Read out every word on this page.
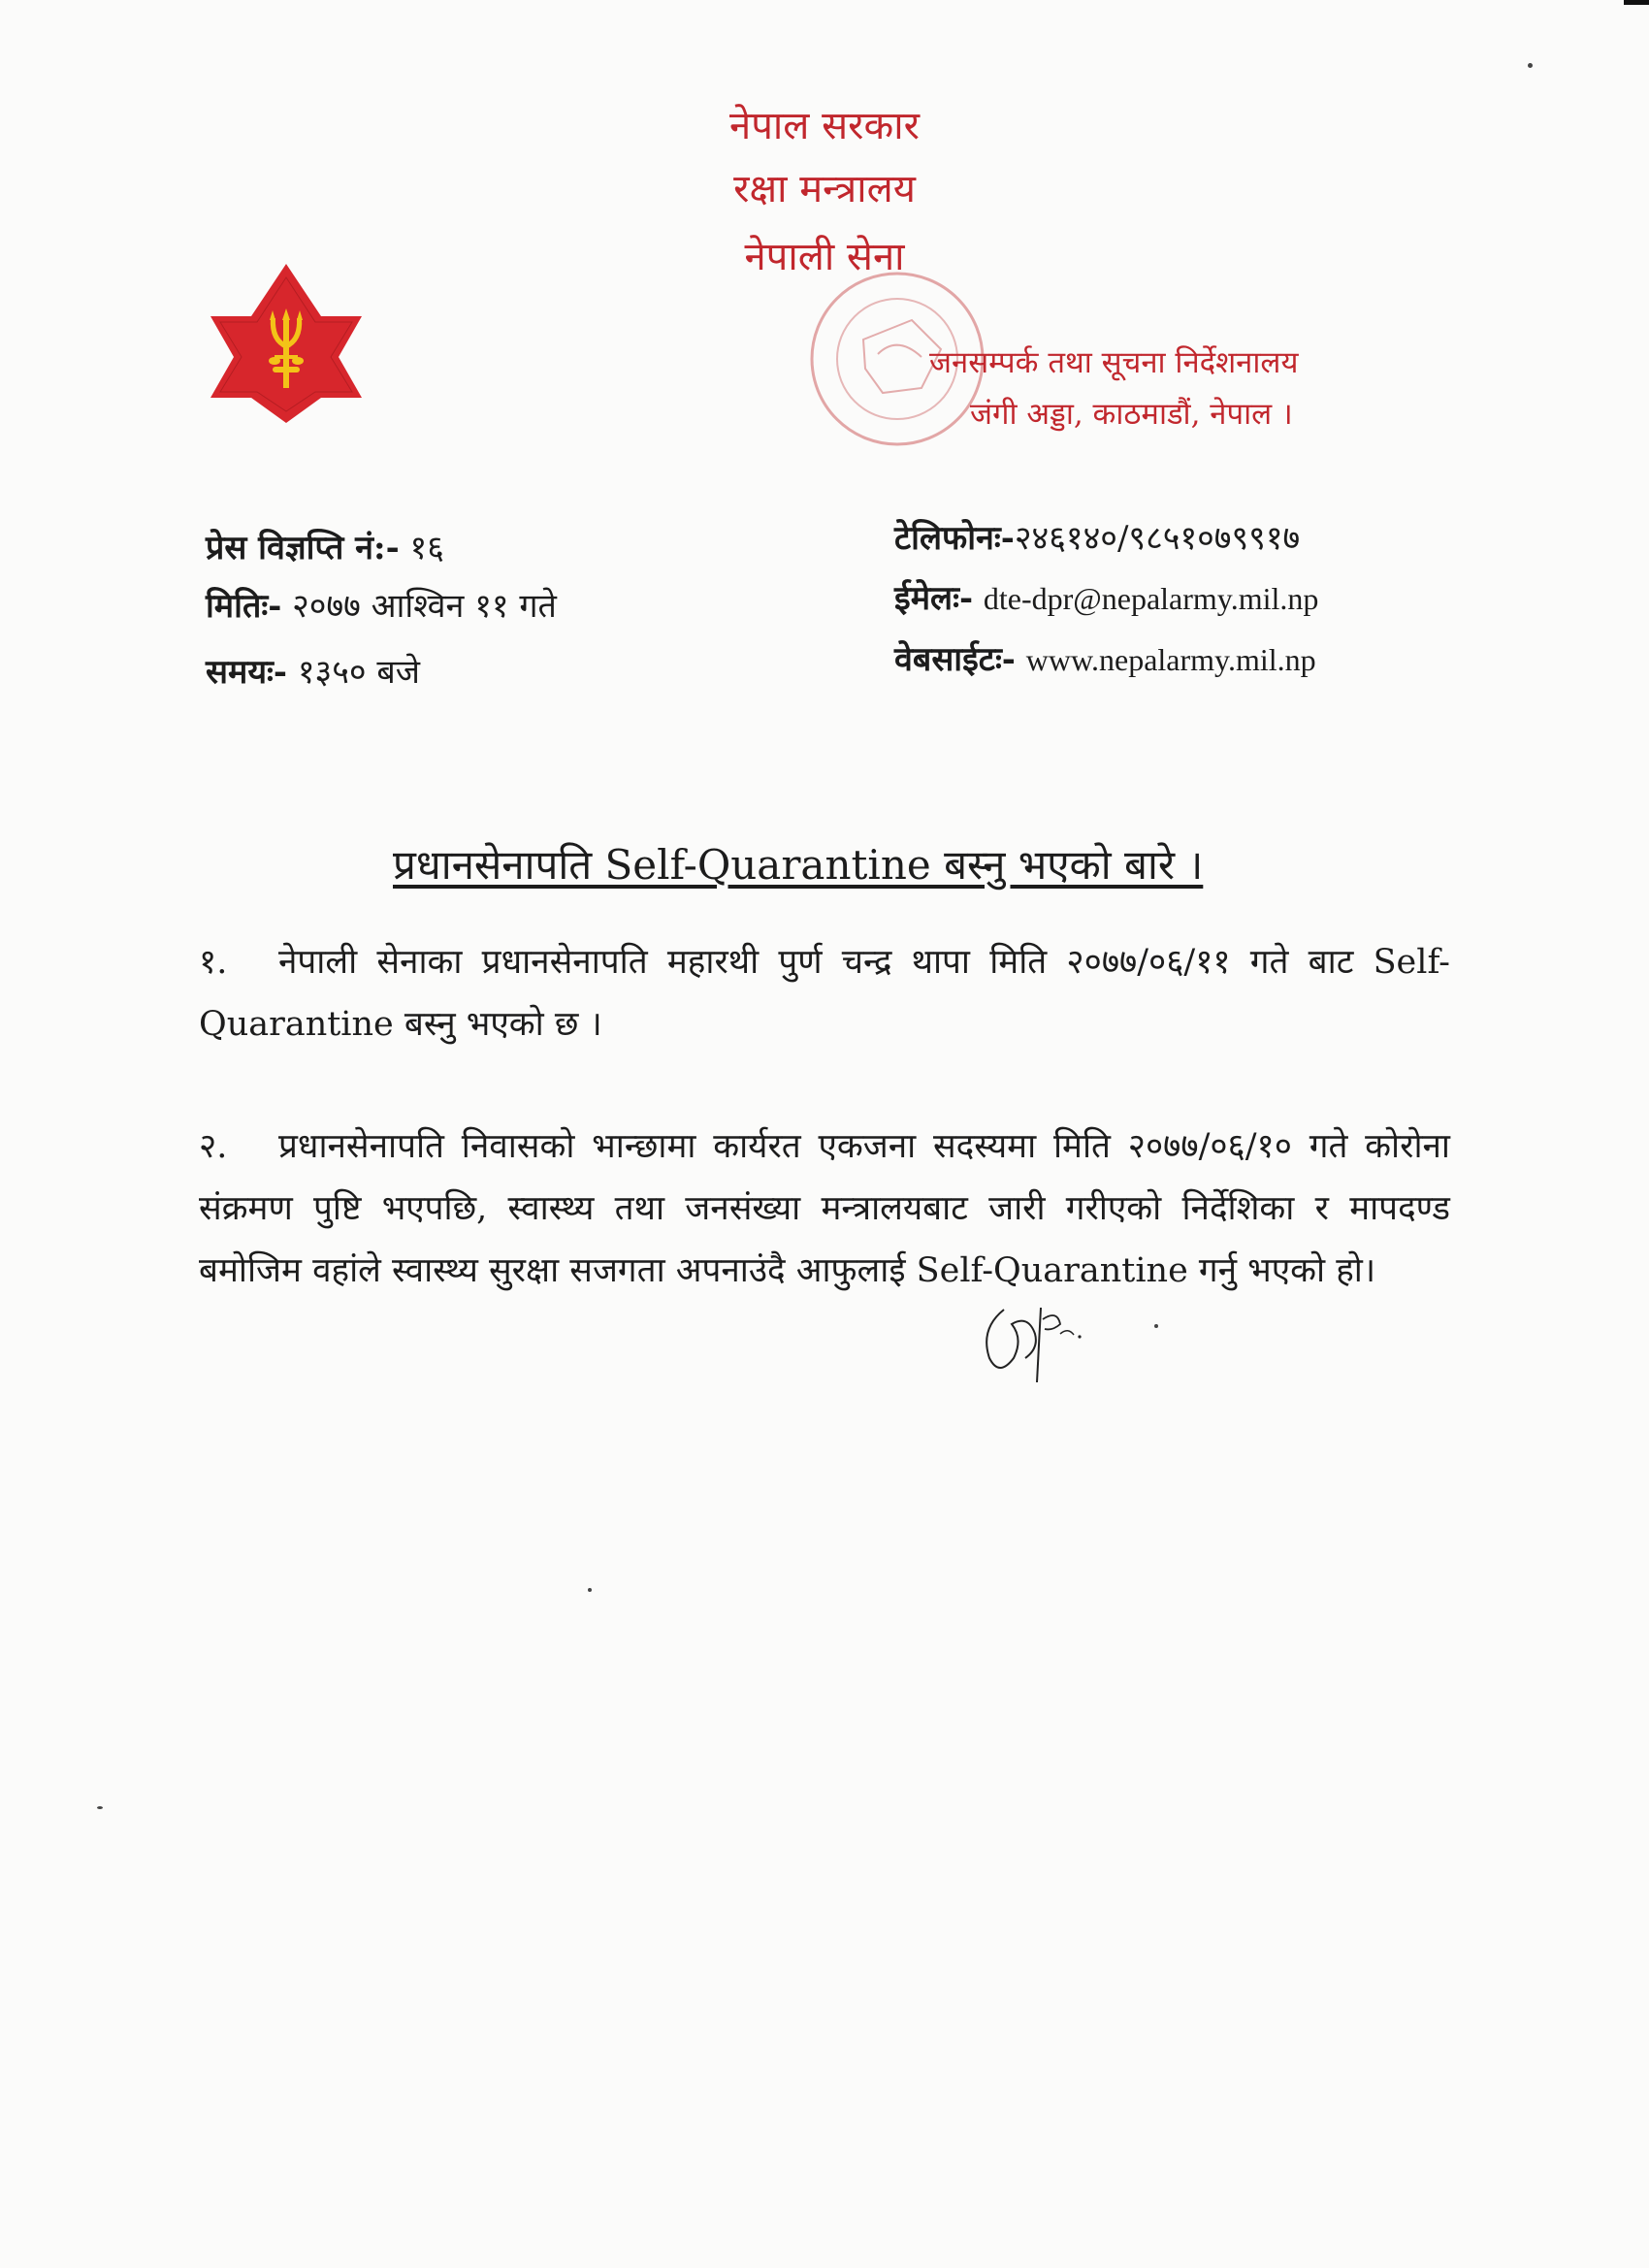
नेपाल सरकार
रक्षा मन्त्रालय
नेपाली सेना
जनसम्पर्क तथा सूचना निर्देशनालय
जंगी अड्डा, काठमाडौं, नेपाल ।
प्रेस विज्ञप्ति नं:- १६
मितिः- २०७७ आश्विन ११ गते
समयः- १३५० बजे
टेलिफोनः-२४६१४०/९८५१०७९९१७
ईमेलः- dte-dpr@nepalarmy.mil.np
वेबसाईटः- www.nepalarmy.mil.np
प्रधानसेनापति Self-Quarantine बस्नु भएको बारे ।
१. नेपाली सेनाका प्रधानसेनापति महारथी पुर्ण चन्द्र थापा मिति २०७७/०६/११ गते बाट Self-Quarantine बस्नु भएको छ ।
२. प्रधानसेनापति निवासको भान्छामा कार्यरत एकजना सदस्यमा मिति २०७७/०६/१० गते कोरोना संक्रमण पुष्टि भएपछि, स्वास्थ्य तथा जनसंख्या मन्त्रालयबाट जारी गरीएको निर्देशिका र मापदण्ड बमोजिम वहांले स्वास्थ्य सुरक्षा सजगता अपनाउंदै आफुलाई Self-Quarantine गर्नु भएको हो।
